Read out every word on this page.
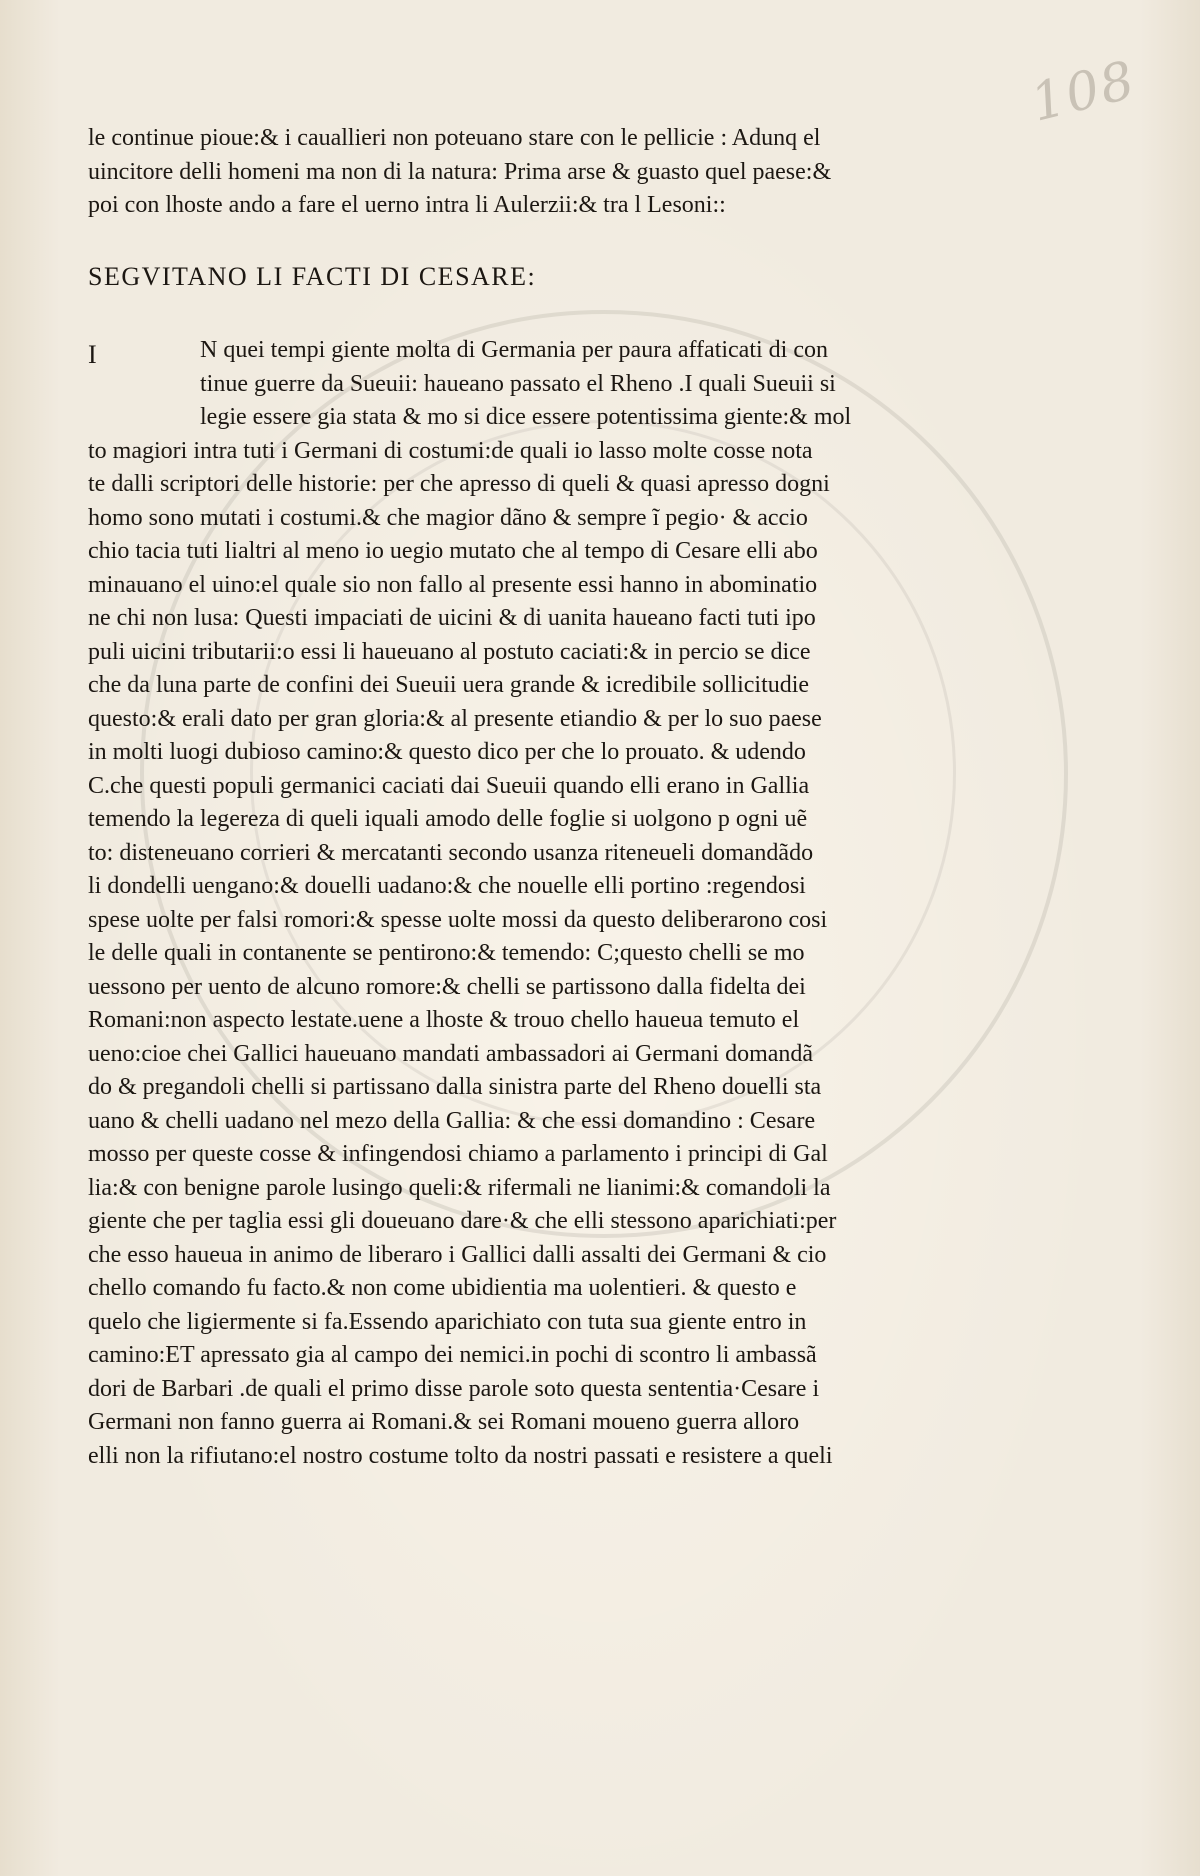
108
le continue pioue:& i cauallieri non poteuano stare con le pellicie : Adunq el
uincitore delli homeni ma non di la natura: Prima arse & guasto quel paese:&
poi con lhoste ando a fare el uerno intra li Aulerzii:& tra l Lesoni::
SEGVITANO LI FACTI DI CESARE:
I	N quei tempi giente molta di Germania per paura affaticati di con
tinue guerre da Sueuii: haueano passato el Rheno .I quali Sueuii si
legie essere gia stata & mo si dice essere potentissima giente:& mol
to magiori intra tuti i Germani di costumi:de quali io lasso molte cosse nota
te dalli scriptori delle historie: per che apresso di queli & quasi apresso dogni
homo sono mutati i costumi.& che magior dãno & sempre ĩ pegio· & accio
chio tacia tuti lialtri al meno io uegio mutato che al tempo di Cesare elli abo
minauano el uino:el quale sio non fallo al presente essi hanno in abominatio
ne chi non lusa: Questi impaciati de uicini & di uanita haueano facti tuti ipo
puli uicini tributarii:o essi li haueuano al postuto caciati:& in percio se dice
che da luna parte de confini dei Sueuii uera grande & icredibile sollicitudie
questo:& erali dato per gran gloria:& al presente etiandio & per lo suo paese
in molti luogi dubioso camino:& questo dico per che lo prouato. & udendo
C.che questi populi germanici caciati dai Sueuii quando elli erano in Gallia
temendo la legereza di queli iquali amodo delle foglie si uolgono p ogni uẽ
to: disteneuano corrieri & mercatanti secondo usanza riteneueli domandãdo
li dondelli uengano:& douelli uadano:& che nouelle elli portino :regendosi
spese uolte per falsi romori:& spesse uolte mossi da questo deliberarono cosi
le delle quali in contanente se pentirono:& temendo: C;questo chelli se mo
uessono per uento de alcuno romore:& chelli se partissono dalla fidelta dei
Romani:non aspecto lestate.uene a lhoste & trouo chello haueua temuto el
ueno:cioe chei Gallici haueuano mandati ambassadori ai Germani domandã
do & pregandoli chelli si partissano dalla sinistra parte del Rheno douelli sta
uano & chelli uadano nel mezo della Gallia: & che essi domandino : Cesare
mosso per queste cosse & infingendosi chiamo a parlamento i principi di Gal
lia:& con benigne parole lusingo queli:& rifermali ne lianimi:& comandoli la
giente che per taglia essi gli doueuano dare·& che elli stessono aparichiati:per
che esso haueua in animo de liberaro i Gallici dalli assalti dei Germani & cio
chello comando fu facto.& non come ubidientia ma uolentieri. & questo e
quelo che ligiermente si fa.Essendo aparichiato con tuta sua giente entro in
camino:ET apressato gia al campo dei nemici.in pochi di scontro li ambassã
dori de Barbari .de quali el primo disse parole soto questa sententia·Cesare i
Germani non fanno guerra ai Romani.& sei Romani moueno guerra alloro
elli non la rifiutano:el nostro costume tolto da nostri passati e resistere a queli
